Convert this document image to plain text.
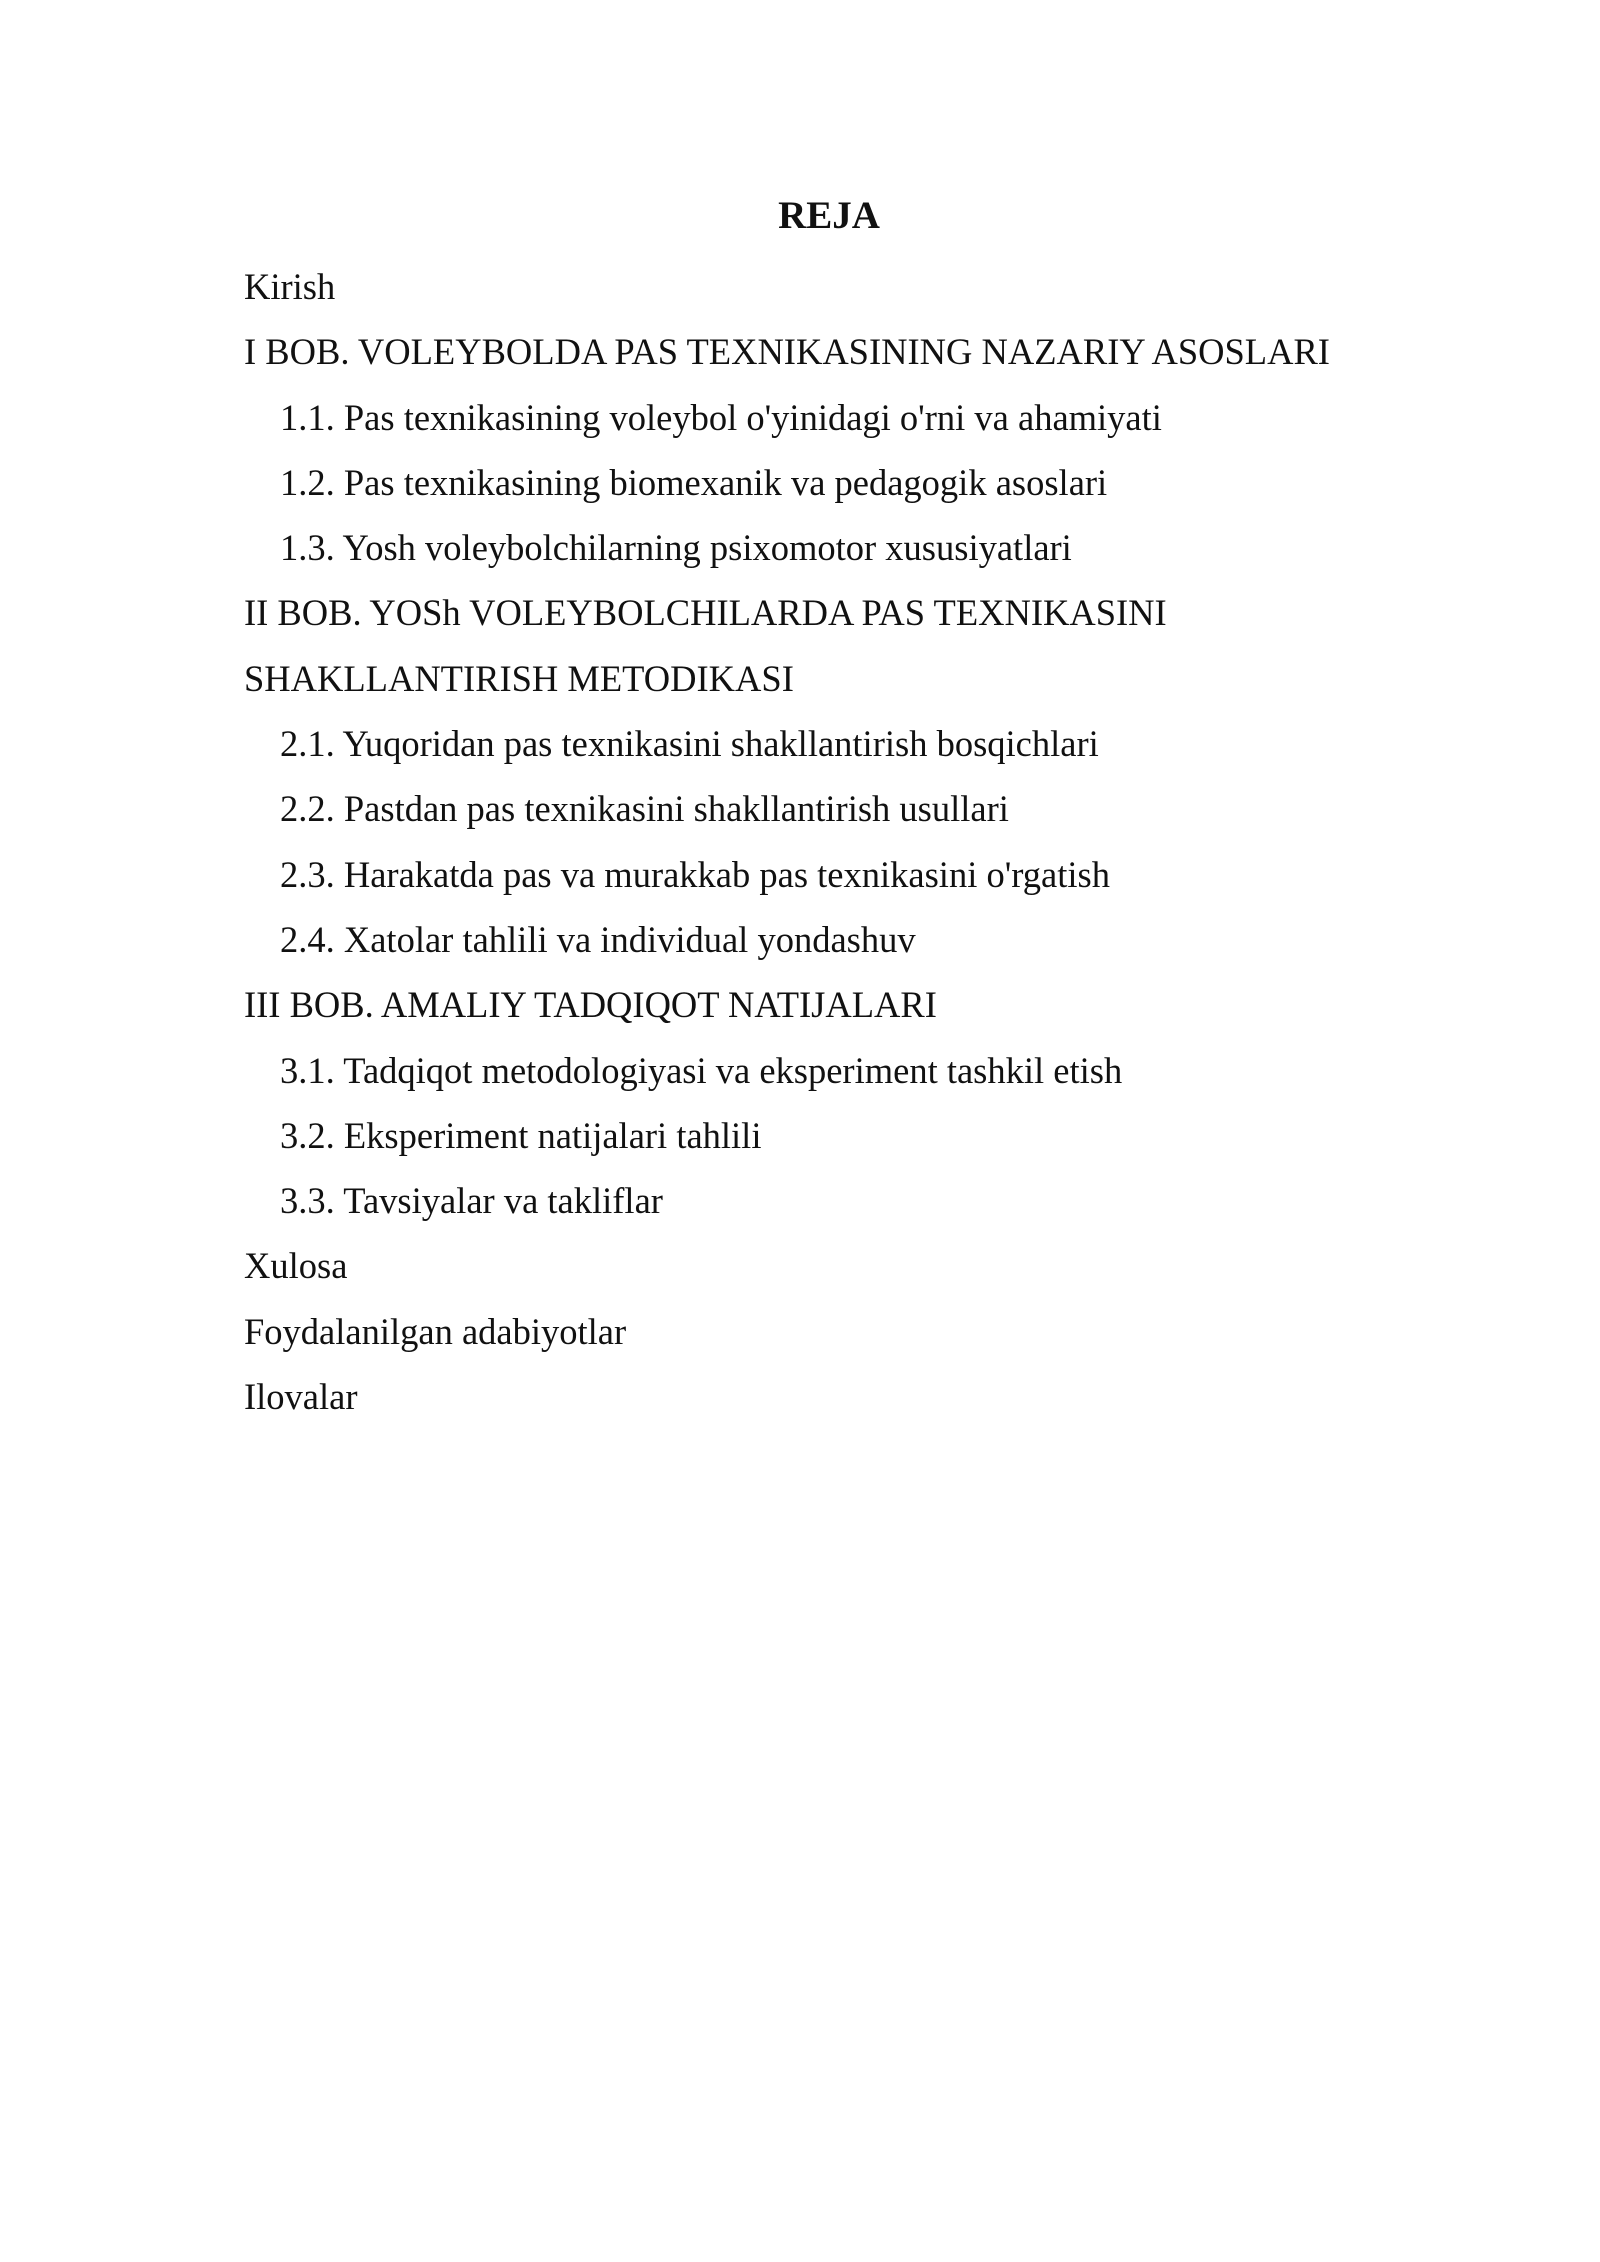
REJA
Kirish
I BOB. VOLEYBOLDA PAS TEXNIKASINING NAZARIY ASOSLARI
1.1. Pas texnikasining voleybol o'yinidagi o'rni va ahamiyati
1.2. Pas texnikasining biomexanik va pedagogik asoslari
1.3. Yosh voleybolchilarning psixomotor xususiyatlari
II BOB. YOSh VOLEYBOLCHILARDA PAS TEXNIKASINI
SHAKLLANTIRISH METODIKASI
2.1. Yuqoridan pas texnikasini shakllantirish bosqichlari
2.2. Pastdan pas texnikasini shakllantirish usullari
2.3. Harakatda pas va murakkab pas texnikasini o'rgatish
2.4. Xatolar tahlili va individual yondashuv
III BOB. AMALIY TADQIQOT NATIJALARI
3.1. Tadqiqot metodologiyasi va eksperiment tashkil etish
3.2. Eksperiment natijalari tahlili
3.3. Tavsiyalar va takliflar
Xulosa
Foydalanilgan adabiyotlar
Ilovalar
